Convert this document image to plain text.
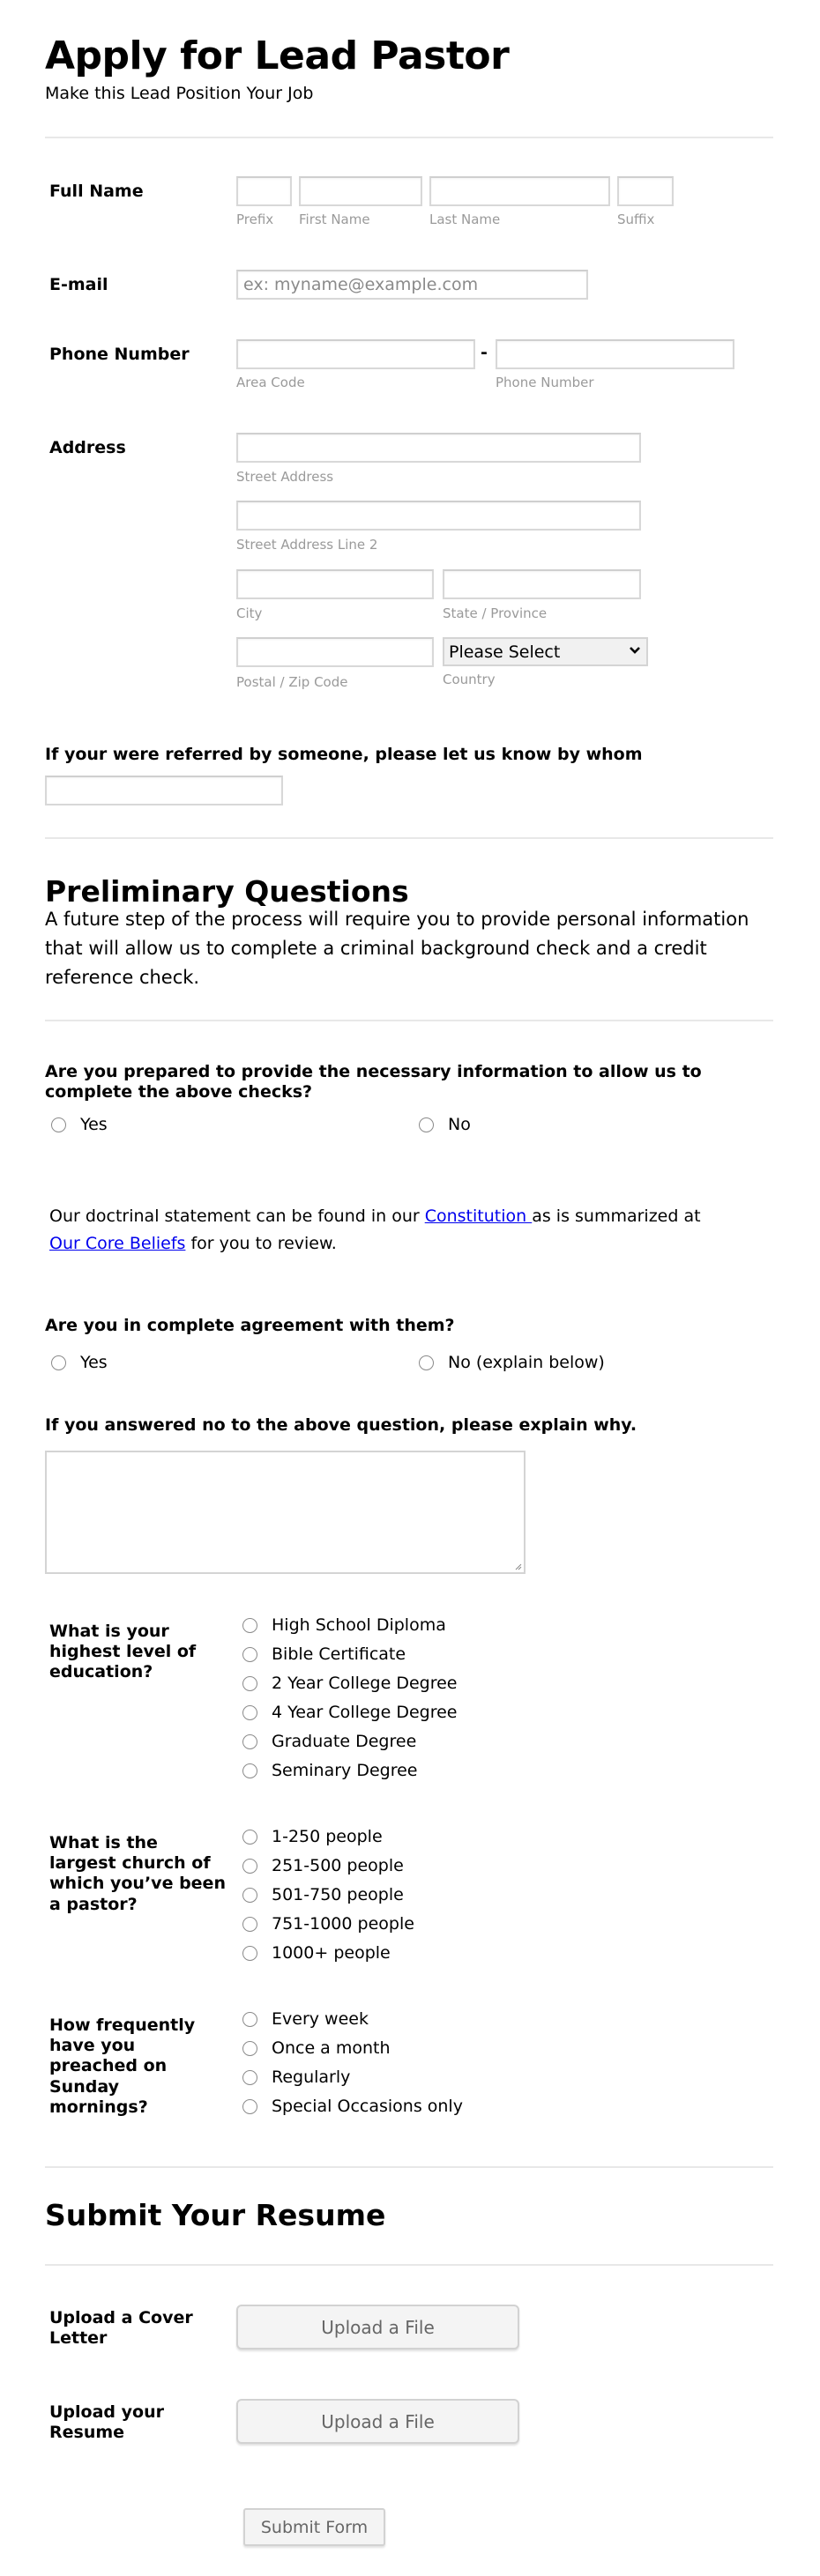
Apply for Lead Pastor
Make this Lead Position Your Job
Full Name
Prefix First Name	Last Name	Suffix
E-mail
ex: myname@example.com
Phone Number	-
Area Code	Phone Number
Address
Street Address
Street Address Line 2
City	State / Province
Please Select
Postal / Zip Code	Country
If your were referred by someone, please let us know by whom
Preliminary Questions
A future step of the process will require you to provide personal information that will allow us to complete a criminal background check and a credit reference check.
Are you prepared to provide the necessary information to allow us to complete the above checks?
Yes	No
Our doctrinal statement can be found in our Constitution as is summarized at
Our Core Beliefs for you to review.
Are you in complete agreement with them?
Yes	No (explain below)
If you answered no to the above question, please explain why.
What is your highest level of education?
High School Diploma
Bible Certificate
2 Year College Degree
4 Year College Degree
Graduate Degree
Seminary Degree
What is the largest church of which you’ve been a pastor?
1-250 people
251-500 people
501-750 people
751-1000 people
1000+ people
How frequently have you preached on Sunday mornings?
Every week
Once a month
Regularly
Special Occasions only
Submit Your Resume
Upload a Cover Letter
Upload a File
Upload your Resume
Upload a File
Submit Form
